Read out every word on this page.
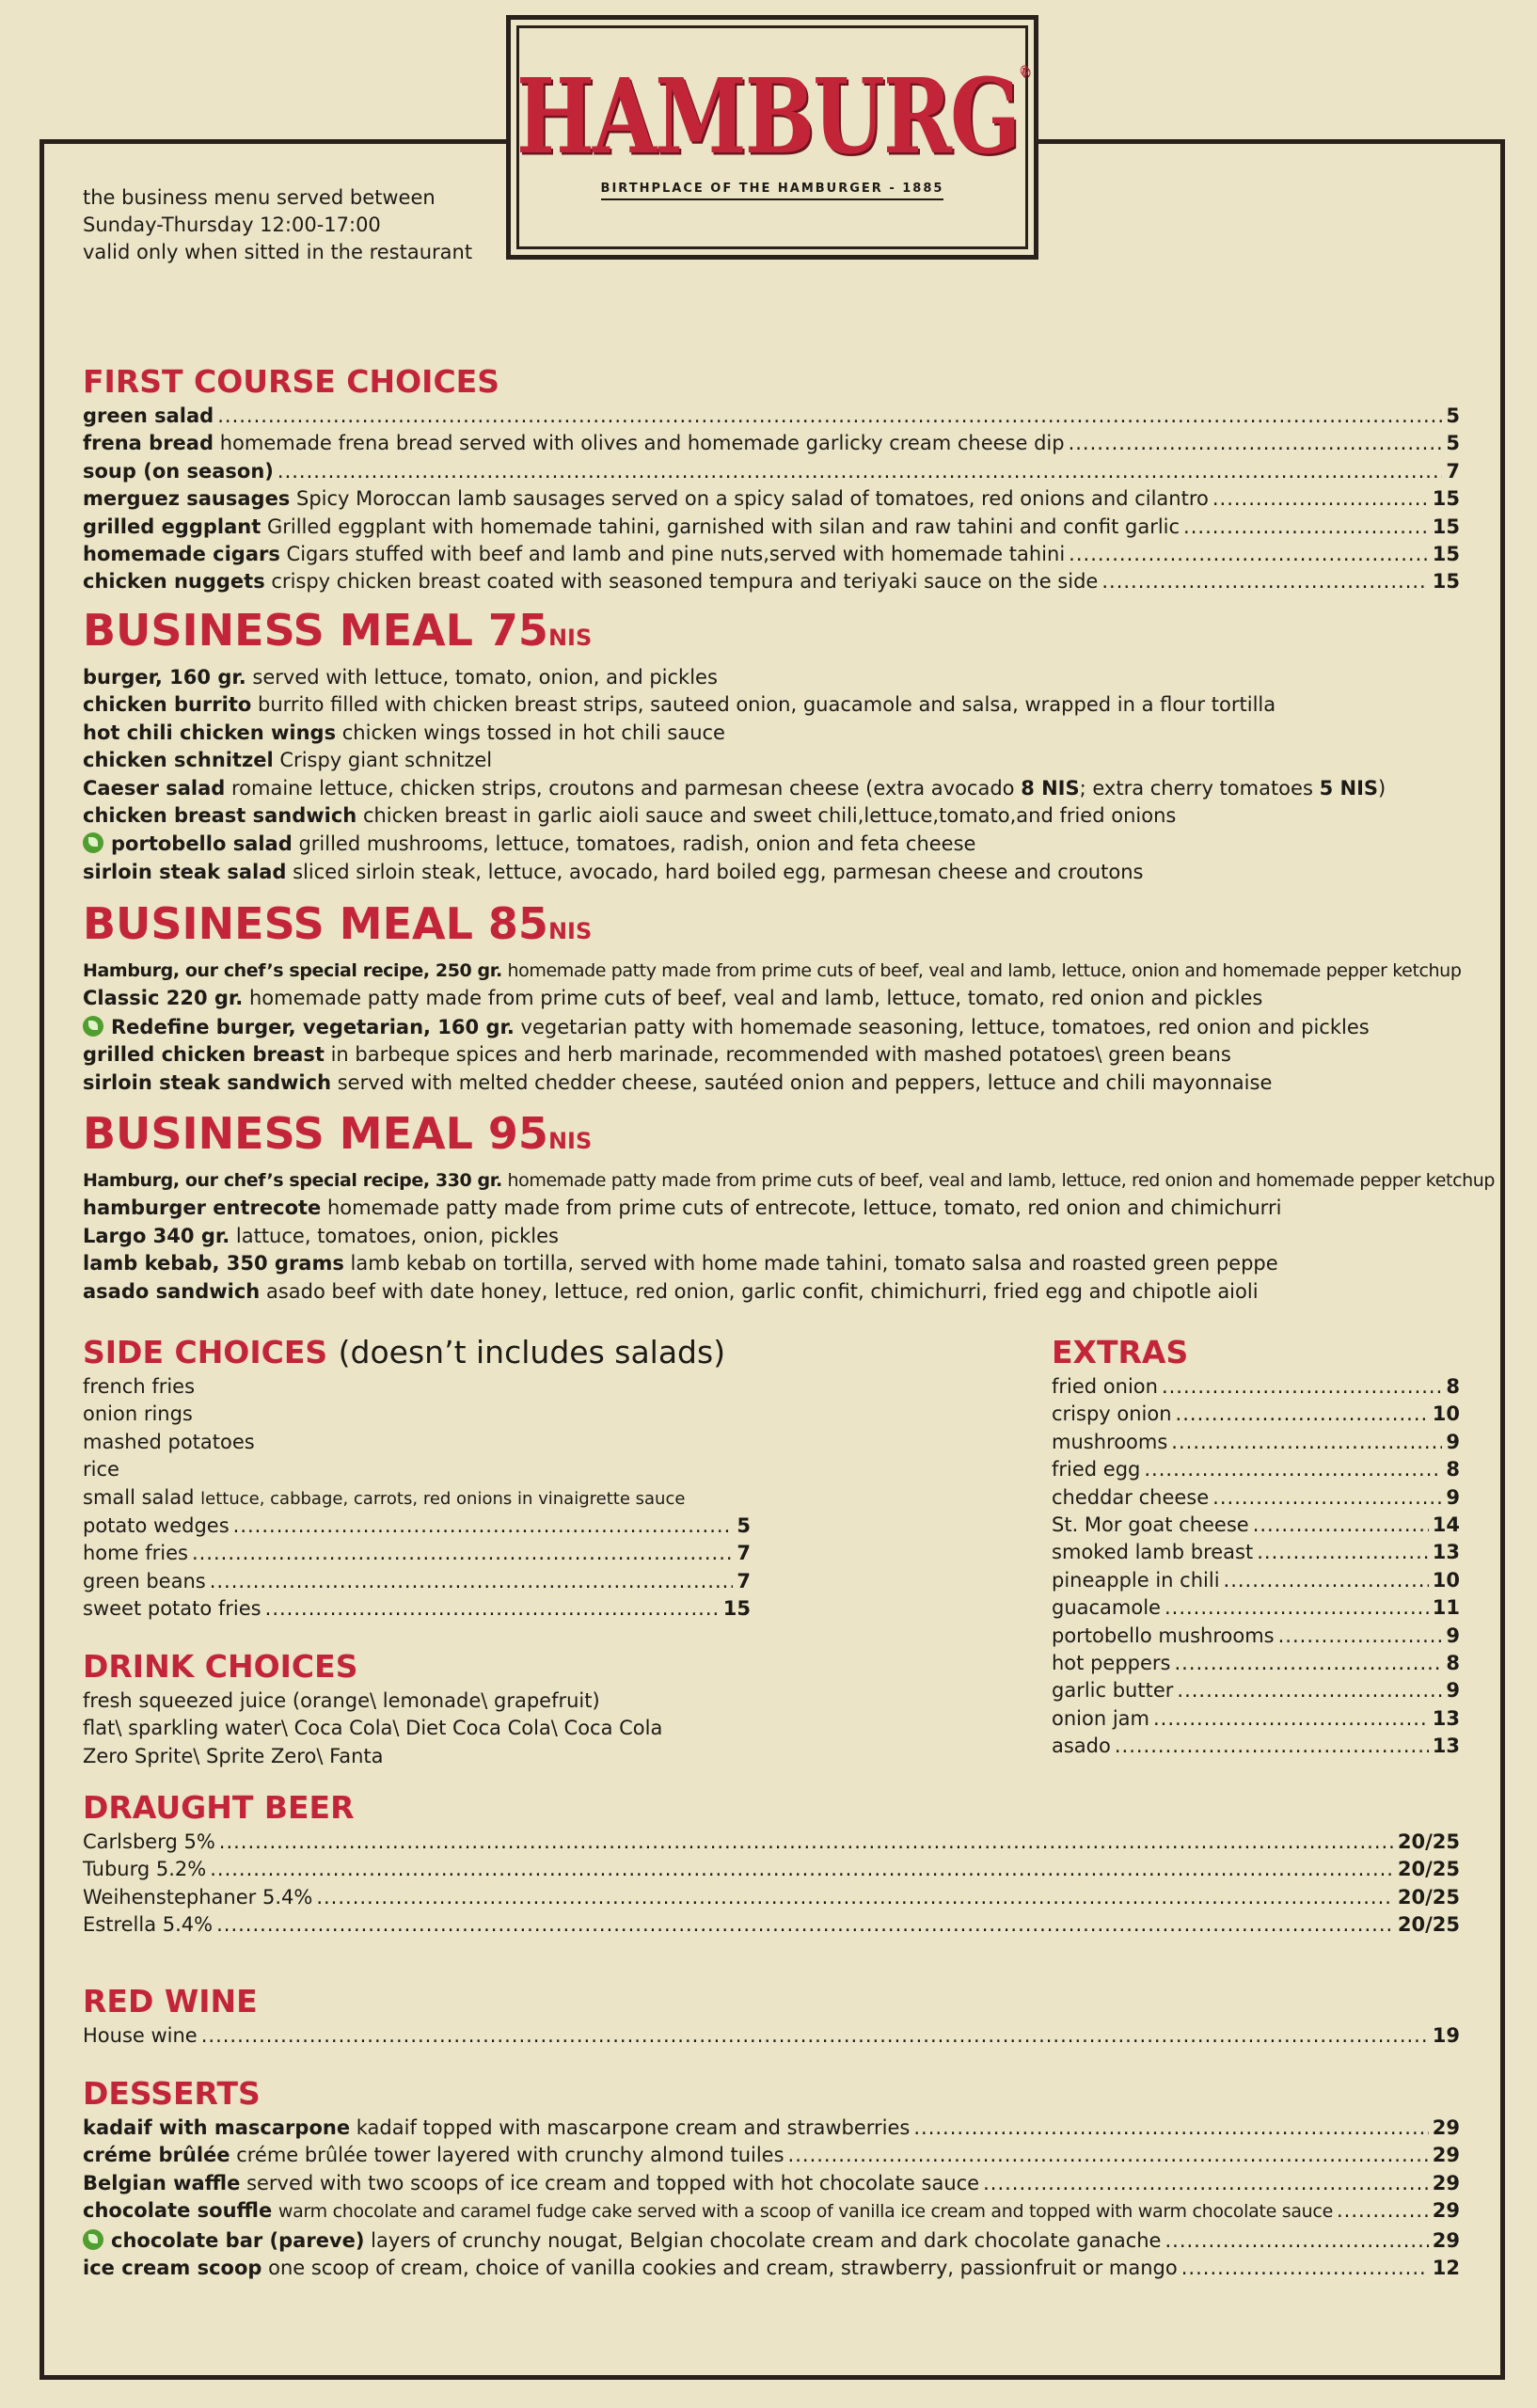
HAMBURG®
BIRTHPLACE OF THE HAMBURGER - 1885
the business menu served between
Sunday-Thursday 12:00-17:00
valid only when sitted in the restaurant
FIRST COURSE CHOICES
green salad .....	5
frena bread
homemade frena bread served with olives and homemade garlicky cream cheese dip .....	5
soup (on season) .....	7
merguez sausages
Spicy Moroccan lamb sausages served on a spicy salad of tomatoes, red onions and cilantro .....	15
grilled eggplant
Grilled eggplant with homemade tahini, garnished with silan and raw tahini and confit garlic .....	15
homemade cigars
Cigars stuffed with beef and lamb and pine nuts,served with homemade tahini .....	15
chicken nuggets
crispy chicken breast coated with seasoned tempura and teriyaki sauce on the side .....	15
BUSINESS MEAL 75NIS
burger, 160 gr.
served with lettuce, tomato, onion, and pickles
chicken burrito
burrito filled with chicken breast strips, sauteed onion, guacamole and salsa, wrapped in a flour tortilla
hot chili chicken wings
chicken wings tossed in hot chili sauce
chicken schnitzel
Crispy giant schnitzel
Caeser salad
romaine lettuce, chicken strips, croutons and parmesan cheese (extra avocado 8 NIS; extra cherry tomatoes 5 NIS)
chicken breast sandwich
chicken breast in garlic aioli sauce and sweet chili,lettuce,tomato,and fried onions
portobello salad
grilled mushrooms, lettuce, tomatoes, radish, onion and feta cheese
sirloin steak salad
sliced sirloin steak, lettuce, avocado, hard boiled egg, parmesan cheese and croutons
BUSINESS MEAL 85NIS
Hamburg, our chef’s special recipe, 250 gr.
homemade patty made from prime cuts of beef, veal and lamb, lettuce, onion and homemade pepper ketchup
Classic 220 gr.
homemade patty made from prime cuts of beef, veal and lamb, lettuce, tomato, red onion and pickles
Redefine burger, vegetarian, 160 gr.
vegetarian patty with homemade seasoning, lettuce, tomatoes, red onion and pickles
grilled chicken breast
in barbeque spices and herb marinade, recommended with mashed potatoes\ green beans
sirloin steak sandwich
served with melted chedder cheese, sautéed onion and peppers, lettuce and chili mayonnaise
BUSINESS MEAL 95NIS
Hamburg, our chef’s special recipe, 330 gr.
homemade patty made from prime cuts of beef, veal and lamb, lettuce, red onion and homemade pepper ketchup
hamburger entrecote
homemade patty made from prime cuts of entrecote, lettuce, tomato, red onion and chimichurri
Largo 340 gr.
lattuce, tomatoes, onion, pickles
lamb kebab, 350 grams
lamb kebab on tortilla, served with home made tahini, tomato salsa and roasted green peppe
asado sandwich
asado beef with date honey, lettuce, red onion, garlic confit, chimichurri, fried egg and chipotle aioli
SIDE CHOICES (doesn’t includes salads)
french fries
onion rings
mashed potatoes
rice
small salad
lettuce, cabbage, carrots, red onions in vinaigrette sauce
potato wedges .....	5
home fries .....	7
green beans .....	7
sweet potato fries .....	15
EXTRAS
fried onion .....	8
crispy onion .....	10
mushrooms .....	9
fried egg .....	8
cheddar cheese .....	9
St. Mor goat cheese .....	14
smoked lamb breast .....	13
pineapple in chili .....	10
guacamole .....	11
portobello mushrooms .....	9
hot peppers .....	8
garlic butter .....	9
onion jam .....	13
asado .....	13
DRINK CHOICES
fresh squeezed juice (orange\ lemonade\ grapefruit)
flat\ sparkling water\ Coca Cola\ Diet Coca Cola\ Coca Cola
Zero Sprite\ Sprite Zero\ Fanta
DRAUGHT BEER
Carlsberg 5% .....	20/25
Tuburg 5.2% .....	20/25
Weihenstephaner 5.4% .....	20/25
Estrella 5.4% .....	20/25
RED WINE
House wine .....	19
DESSERTS
kadaif with mascarpone
kadaif topped with mascarpone cream and strawberries .....	29
créme brûlée
créme brûlée tower layered with crunchy almond tuiles .....	29
Belgian waffle
served with two scoops of ice cream and topped with hot chocolate sauce .....	29
chocolate souffle
warm chocolate and caramel fudge cake served with a scoop of vanilla ice cream and topped with warm chocolate sauce .....	29
chocolate bar (pareve)
layers of crunchy nougat, Belgian chocolate cream and dark chocolate ganache .....	29
ice cream scoop
one scoop of cream, choice of vanilla cookies and cream, strawberry, passionfruit or mango .....	12
